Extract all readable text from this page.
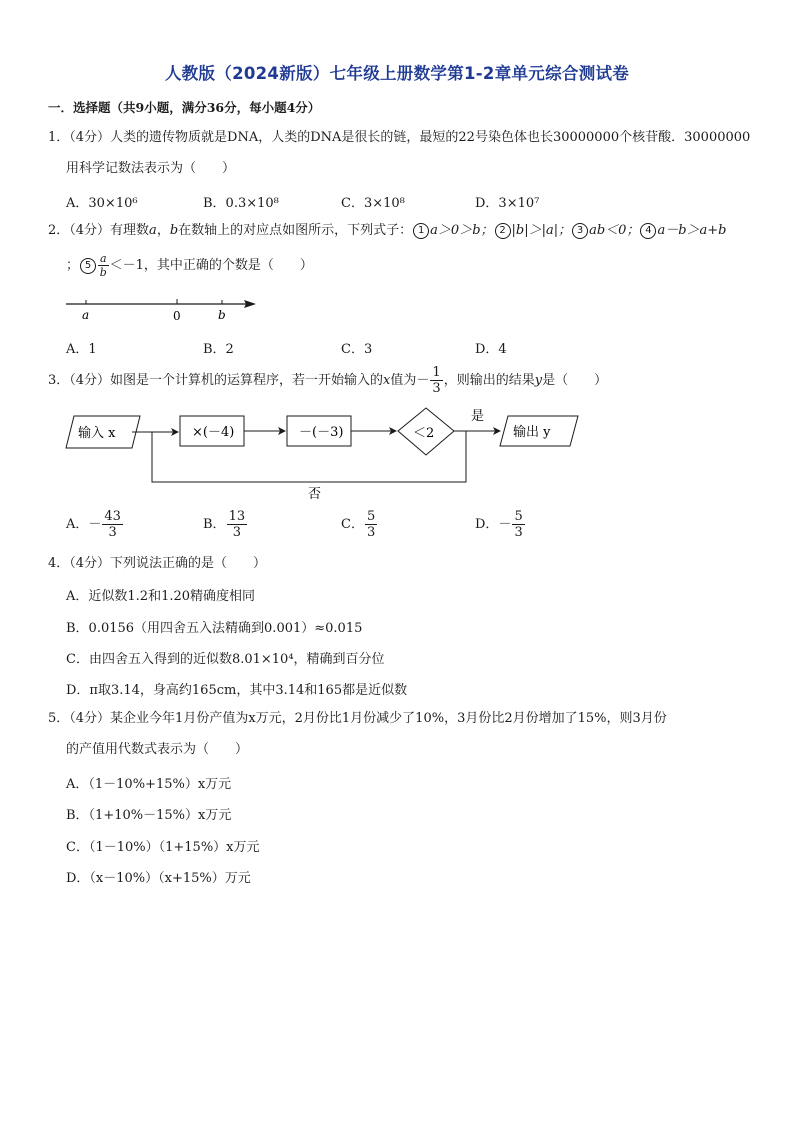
人教版（2024新版）七年级上册数学第1-2章单元综合测试卷
一．选择题（共9小题，满分36分，每小题4分）
1．（4分）人类的遗传物质就是DNA，人类的DNA是很长的链，最短的22号染色体也长30000000个核苷酸．30000000
用科学记数法表示为（　　）
A．30×10⁶	B．0.3×10⁸	C．3×10⁸	D．3×10⁷
2．（4分）有理数a，b在数轴上的对应点如图所示，下列式子： 1 a＞0＞b； 2 |b|＞|a|； 3 ab＜0； 4 a－b＞a+b
； $5 \frac{a}{b} <-1$，其中正确的个数是（　　）
a	0	b
A．1	B．2	C．3	D．4
3．（4分）如图是一个计算机的运算程序，若一开始输入的x值为－ $\frac{1}{3}$ ，则输出的结果y是（　　）
输入 x	×(－4)	－(－3)	＜2
是
输出 y
否
A．－ $\frac{43}{3}$	B． $\frac{13}{3}$	C． $\frac{5}{3}$	D．－ $\frac{5}{3}$
4．（4分）下列说法正确的是（　　）
A．近似数1.2和1.20精确度相同
B．0.0156（用四舍五入法精确到0.001）≈0.015
C．由四舍五入得到的近似数8.01×10⁴，精确到百分位
D．π取3.14，身高约165cm，其中3.14和165都是近似数
5．（4分）某企业今年1月份产值为x万元，2月份比1月份减少了10%，3月份比2月份增加了15%，则3月份
的产值用代数式表示为（　　）
A．（1－10%+15%）x万元
B．（1+10%－15%）x万元
C．（1－10%）（1+15%）x万元
D．（x－10%）（x+15%）万元
